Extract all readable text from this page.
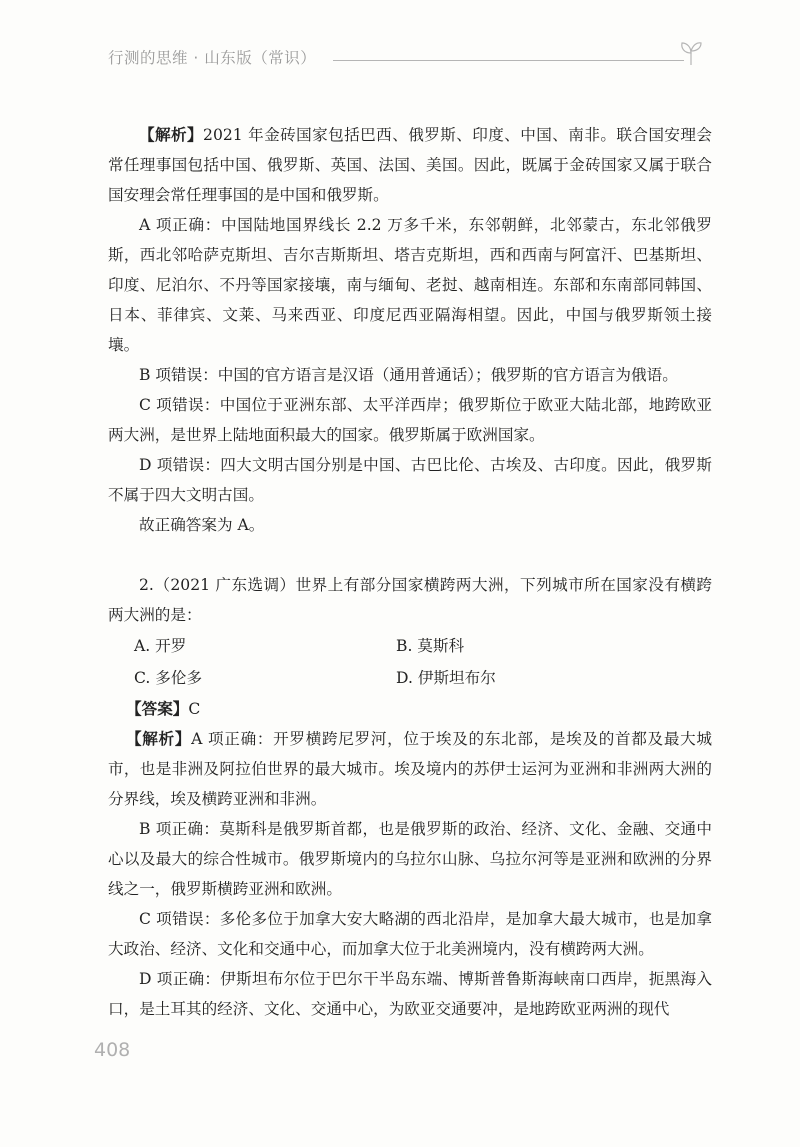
行测的思维 · 山东版（常识）

【解析】2021 年金砖国家包括巴西、俄罗斯、印度、中国、南非。联合国安理会常任理事国包括中国、俄罗斯、英国、法国、美国。因此，既属于金砖国家又属于联合国安理会常任理事国的是中国和俄罗斯。

A 项正确：中国陆地国界线长 2.2 万多千米，东邻朝鲜，北邻蒙古，东北邻俄罗斯，西北邻哈萨克斯坦、吉尔吉斯斯坦、塔吉克斯坦，西和西南与阿富汗、巴基斯坦、印度、尼泊尔、不丹等国家接壤，南与缅甸、老挝、越南相连。东部和东南部同韩国、日本、菲律宾、文莱、马来西亚、印度尼西亚隔海相望。因此，中国与俄罗斯领土接壤。

B 项错误：中国的官方语言是汉语（通用普通话）；俄罗斯的官方语言为俄语。

C 项错误：中国位于亚洲东部、太平洋西岸；俄罗斯位于欧亚大陆北部，地跨欧亚两大洲，是世界上陆地面积最大的国家。俄罗斯属于欧洲国家。

D 项错误：四大文明古国分别是中国、古巴比伦、古埃及、古印度。因此，俄罗斯不属于四大文明古国。

故正确答案为 A。

2.（2021 广东选调）世界上有部分国家横跨两大洲，下列城市所在国家没有横跨两大洲的是：

A. 开罗	B. 莫斯科
C. 多伦多	D. 伊斯坦布尔

【答案】C

【解析】A 项正确：开罗横跨尼罗河，位于埃及的东北部，是埃及的首都及最大城市，也是非洲及阿拉伯世界的最大城市。埃及境内的苏伊士运河为亚洲和非洲两大洲的分界线，埃及横跨亚洲和非洲。

B 项正确：莫斯科是俄罗斯首都，也是俄罗斯的政治、经济、文化、金融、交通中心以及最大的综合性城市。俄罗斯境内的乌拉尔山脉、乌拉尔河等是亚洲和欧洲的分界线之一，俄罗斯横跨亚洲和欧洲。

C 项错误：多伦多位于加拿大安大略湖的西北沿岸，是加拿大最大城市，也是加拿大政治、经济、文化和交通中心，而加拿大位于北美洲境内，没有横跨两大洲。

D 项正确：伊斯坦布尔位于巴尔干半岛东端、博斯普鲁斯海峡南口西岸，扼黑海入口，是土耳其的经济、文化、交通中心，为欧亚交通要冲，是地跨欧亚两洲的现代

408
